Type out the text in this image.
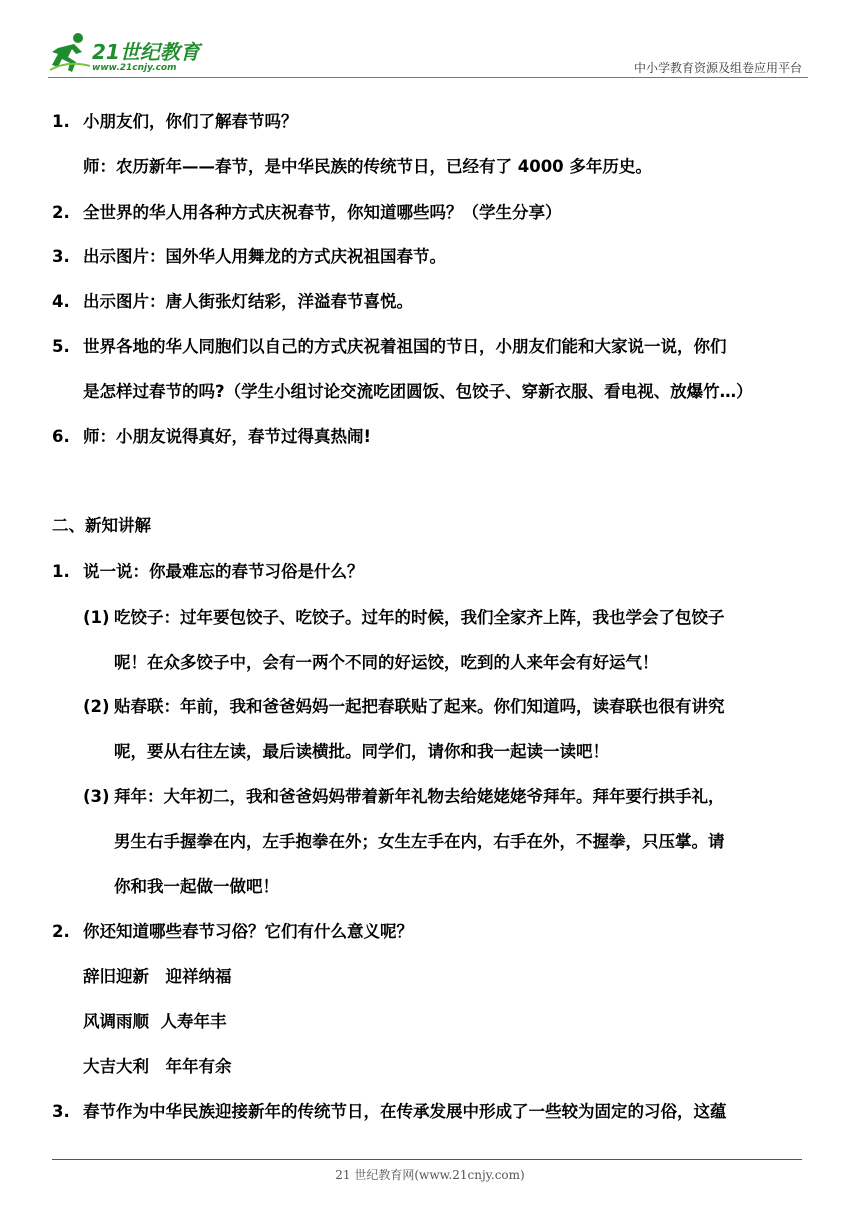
21世纪教育
www.21cnjy.com	中小学教育资源及组卷应用平台
1. 小朋友们，你们了解春节吗？
师：农历新年——春节，是中华民族的传统节日，已经有了 4000 多年历史。
2. 全世界的华人用各种方式庆祝春节，你知道哪些吗？（学生分享）
3. 出示图片：国外华人用舞龙的方式庆祝祖国春节。
4. 出示图片：唐人街张灯结彩，洋溢春节喜悦。
5. 世界各地的华人同胞们以自己的方式庆祝着祖国的节日，小朋友们能和大家说一说，你们
是怎样过春节的吗?（学生小组讨论交流吃团圆饭、包饺子、穿新衣服、看电视、放爆竹…）
6. 师：小朋友说得真好，春节过得真热闹!
二、新知讲解
1. 说一说：你最难忘的春节习俗是什么？
(1) 吃饺子：过年要包饺子、吃饺子。过年的时候，我们全家齐上阵，我也学会了包饺子
呢！在众多饺子中，会有一两个不同的好运饺，吃到的人来年会有好运气！
(2) 贴春联：年前，我和爸爸妈妈一起把春联贴了起来。你们知道吗，读春联也很有讲究
呢，要从右往左读，最后读横批。同学们，请你和我一起读一读吧！
(3) 拜年：大年初二，我和爸爸妈妈带着新年礼物去给姥姥姥爷拜年。拜年要行拱手礼，
男生右手握拳在内，左手抱拳在外；女生左手在内，右手在外，不握拳，只压掌。请
你和我一起做一做吧！
2. 你还知道哪些春节习俗？它们有什么意义呢？
辞旧迎新　迎祥纳福
风调雨顺  人寿年丰
大吉大利　年年有余
3. 春节作为中华民族迎接新年的传统节日，在传承发展中形成了一些较为固定的习俗，这蕴
21 世纪教育网(www.21cnjy.com)
